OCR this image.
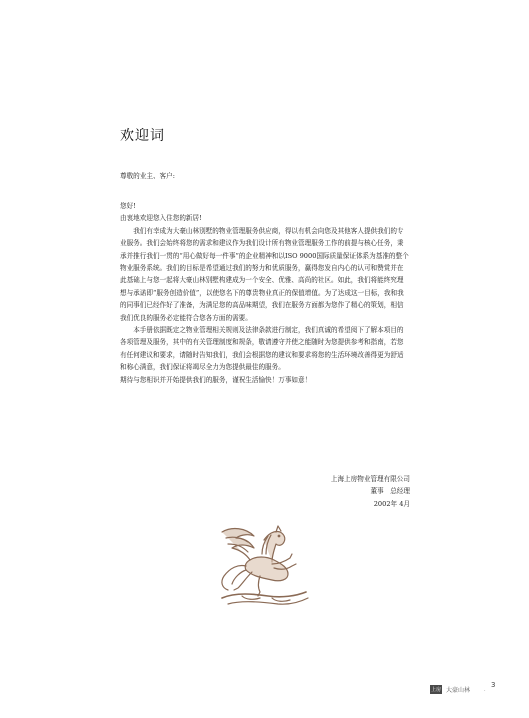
欢迎词
尊敬的业主、客户:

您好!

由衷地欢迎您入住您的新居!

我们有幸成为大豪山林别墅的物业管理服务供应商，得以有机会向您及其他客人提供我们的专业服务。我们会始终将您的需求和建议作为我们设计所有物业管理服务工作的前提与核心任务，秉承并推行我们一贯的“用心做好每一件事”的企业精神和以ISO 9000国际质量保证体系为基准的整个物业服务系统。我们的目标是希望通过我们的努力和优质服务，赢得您发自内心的认可和赞赏并在此基础上与您一起将大豪山林别墅构建成为一个安全、优雅、高尚的社区。如此，我们将能终究理想与承诺即“服务创造价值”，以使您名下的尊贵物业真正的保值增值。为了达成这一目标，我和我的同事们已经作好了准备，为满足您的高品味期望，我们在服务方面都为您作了精心的策划，相信我们优良的服务必定能符合您各方面的需要。

本手册依据既定之物业管理相关规则及法律条款进行制定，我们真诚的希望阅下了解本项目的各项管理及服务，其中的有关管理制度和规条，敬请遵守并使之能随时为您提供参考和指南，若您有任何建议和要求，请随时告知我们，我们会根据您的建议和要求将您的生活环境改善得更为舒适和称心满意，我们保证将竭尽全力为您提供最佳的服务。

期待与您相识并开始提供我们的服务，谨祝生活愉快！万事如意！

上海上房物业管理有限公司
董事　总经理
2002年 4月
上房 大豪山林	·
3
